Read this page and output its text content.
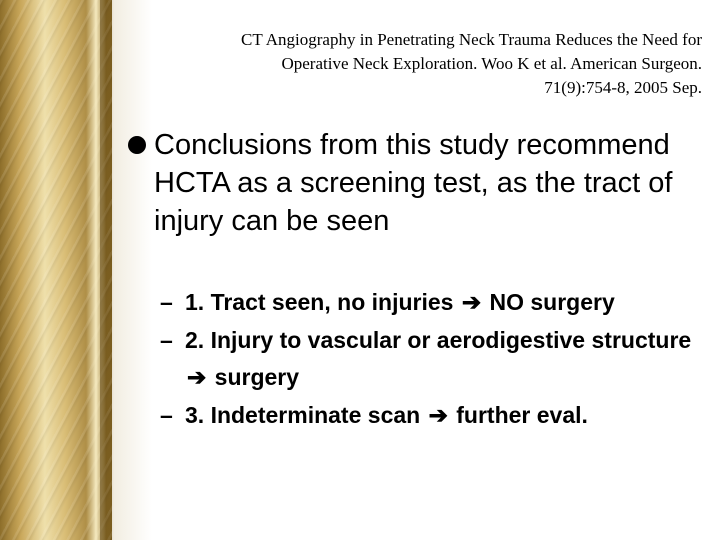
CT Angiography in Penetrating Neck Trauma Reduces the Need for
Operative Neck Exploration. Woo K et al. American Surgeon.
71(9):754-8, 2005 Sep.
Conclusions from this study recommend HCTA as a screening test, as the tract of injury can be seen
– 1. Tract seen, no injuries ➔ NO surgery
– 2. Injury to vascular or aerodigestive structure ➔ surgery
– 3. Indeterminate scan ➔ further eval.
